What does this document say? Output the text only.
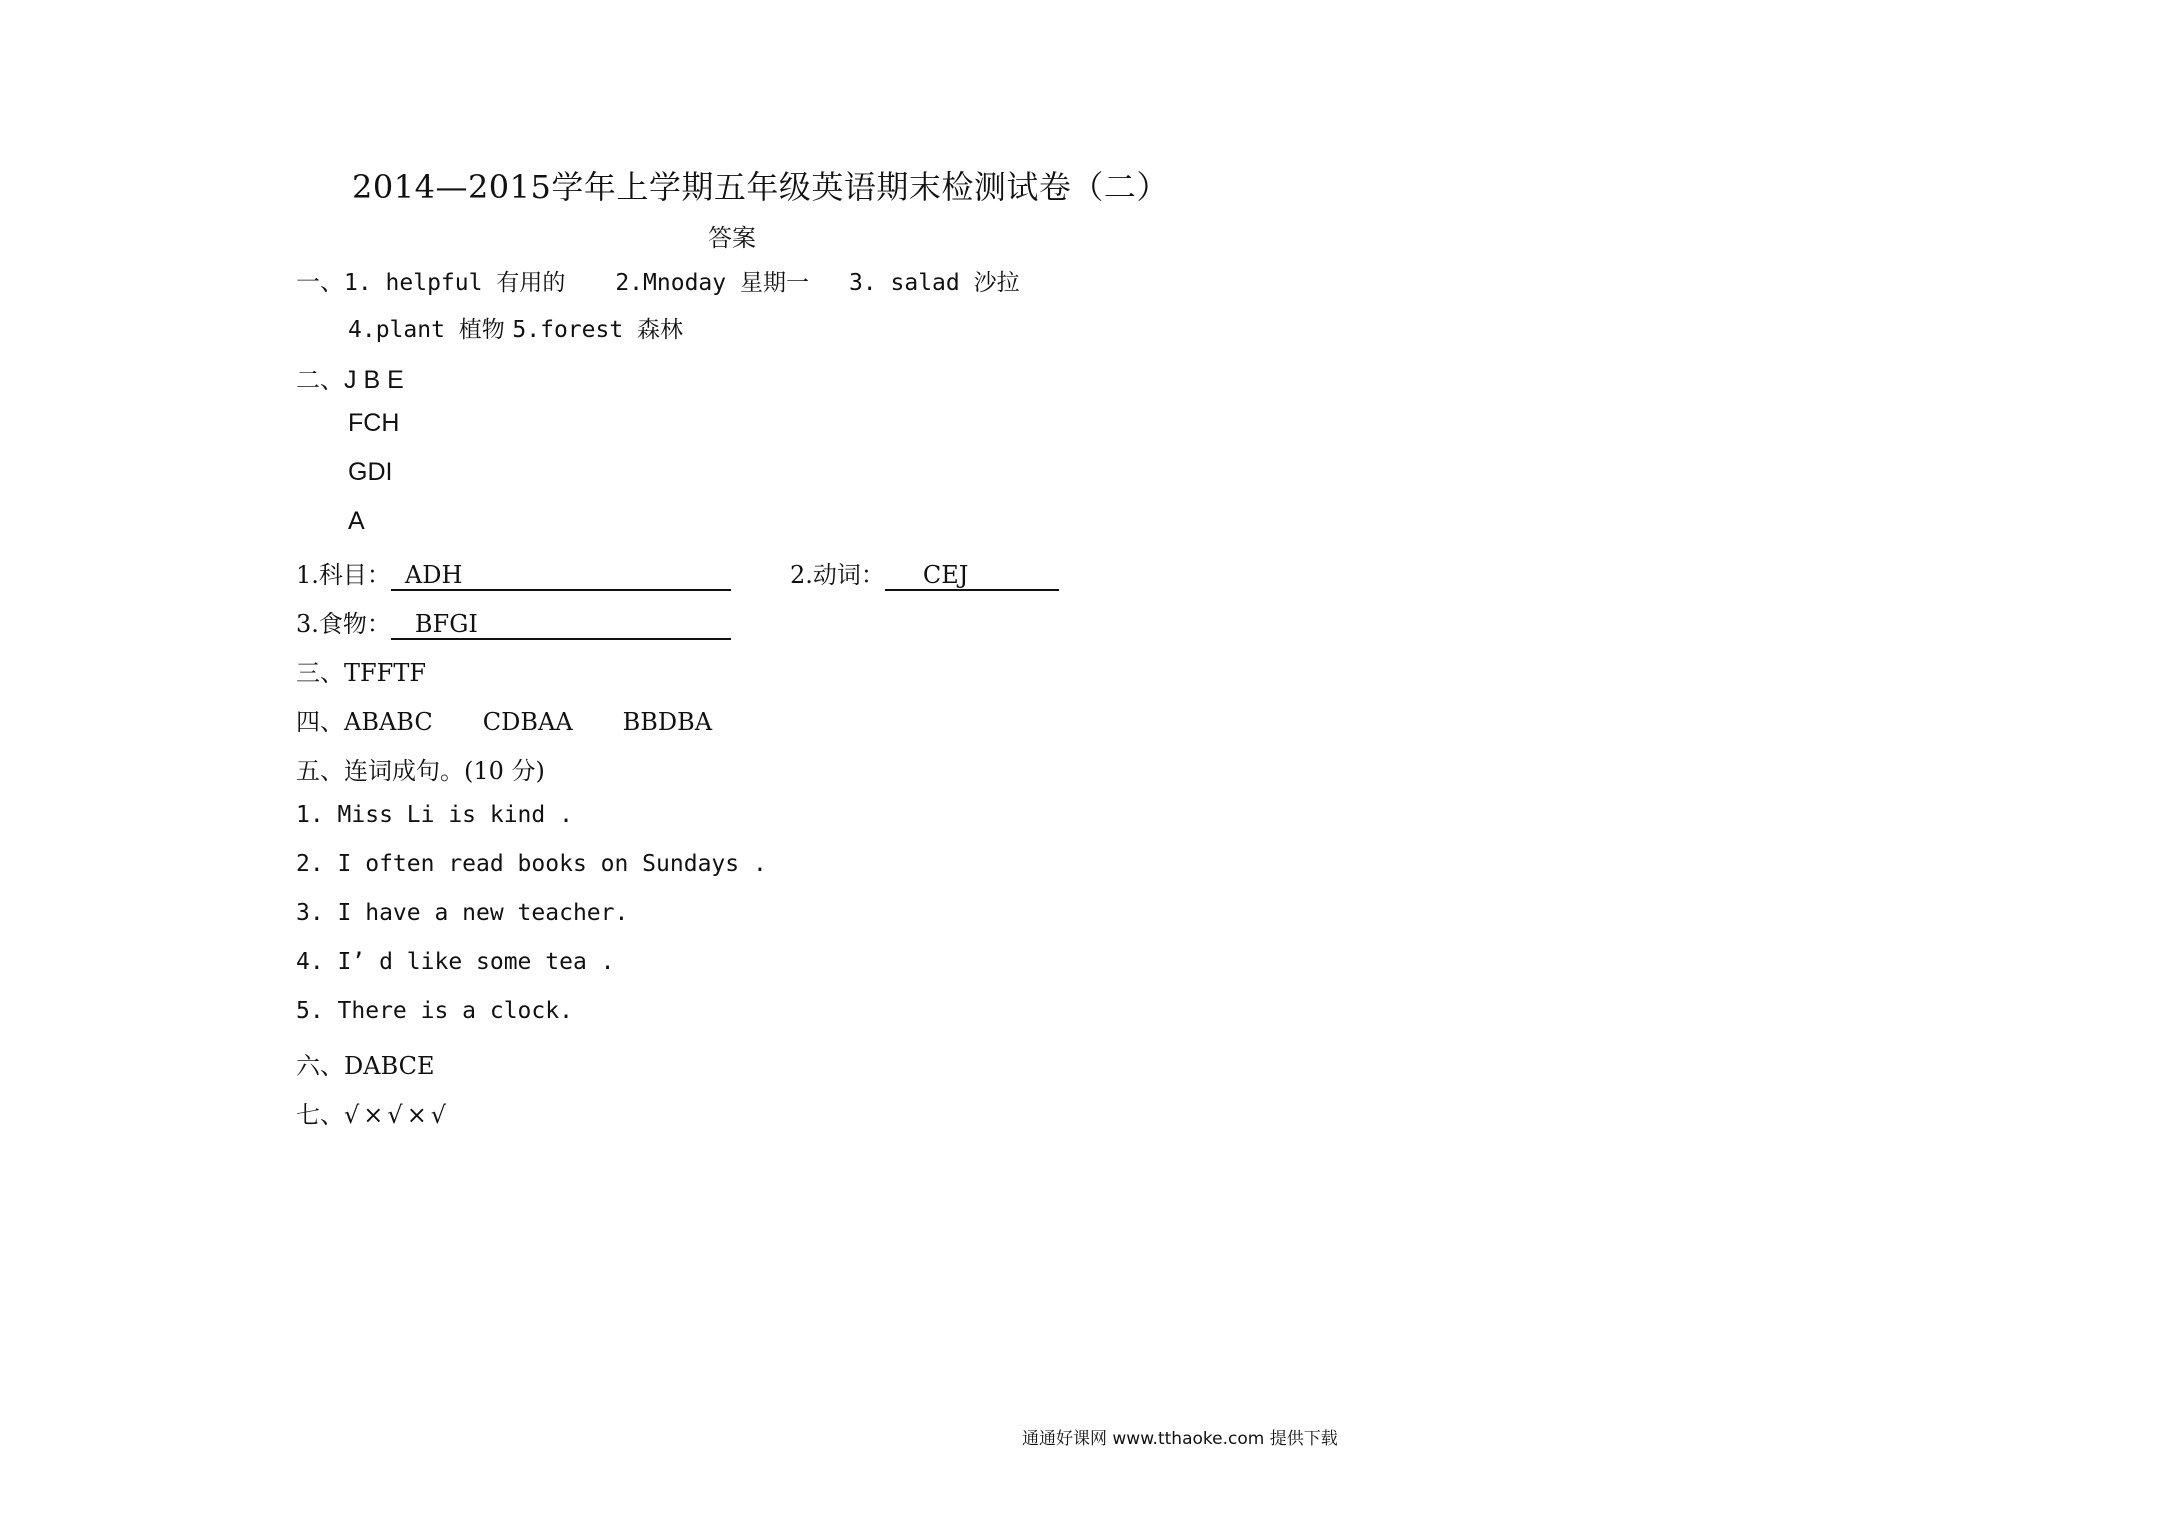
2014—2015学年上学期五年级英语期末检测试卷（二）
答案
一、1. helpful 有用的 2.Mnoday 星期一 3. salad 沙拉
4.plant 植物 5.forest 森林
二、J B E
FCH
GDI
A
1.科目： ADH	2.动词： CEJ
3.食物： BFGI
三、TFFTF
四、ABABC CDBAA BBDBA
五、连词成句。(10 分)
1. Miss Li is kind .
2. I often read books on Sundays .
3. I have a new teacher.
4. I’ d like some tea .
5. There is a clock.
六、DABCE
七、√×√×√
通通好课网 www.tthaoke.com 提供下载
